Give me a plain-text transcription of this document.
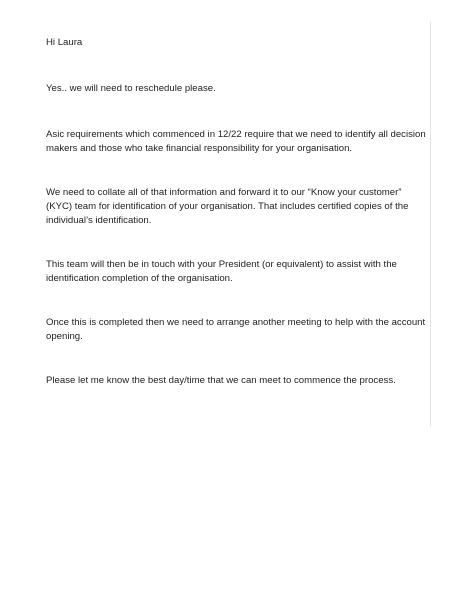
Hi Laura

Yes.. we will need to reschedule please.

Asic requirements which commenced in 12/22 require that we need to identify all decision makers and those who take financial responsibility for your organisation.

We need to collate all of that information and forward it to our “Know your customer” (KYC) team for identification of your organisation. That includes certified copies of the individual’s identification.

This team will then be in touch with your President (or equivalent) to assist with the identification completion of the organisation.

Once this is completed then we need to arrange another meeting to help with the account opening.

Please let me know the best day/time that we can meet to commence the process.
